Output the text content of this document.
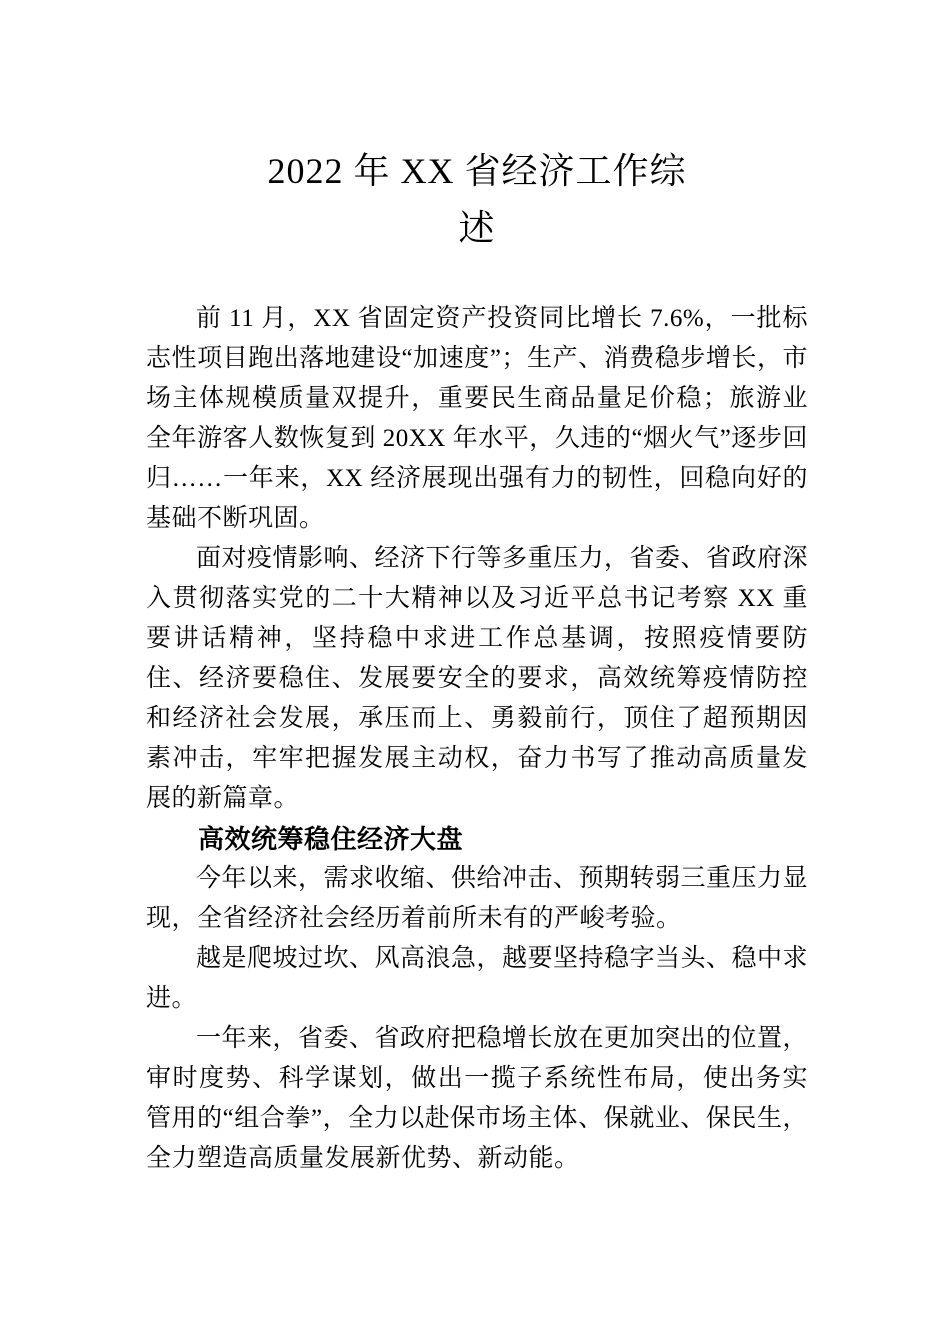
2022 年 XX 省经济工作综述

前 11 月，XX 省固定资产投资同比增长 7.6%，一批标志性项目跑出落地建设“加速度”；生产、消费稳步增长，市场主体规模质量双提升，重要民生商品量足价稳；旅游业全年游客人数恢复到 20XX 年水平，久违的“烟火气”逐步回归……一年来，XX 经济展现出强有力的韧性，回稳向好的基础不断巩固。

面对疫情影响、经济下行等多重压力，省委、省政府深入贯彻落实党的二十大精神以及习近平总书记考察 XX 重要讲话精神，坚持稳中求进工作总基调，按照疫情要防住、经济要稳住、发展要安全的要求，高效统筹疫情防控和经济社会发展，承压而上、勇毅前行，顶住了超预期因素冲击，牢牢把握发展主动权，奋力书写了推动高质量发展的新篇章。

高效统筹稳住经济大盘

今年以来，需求收缩、供给冲击、预期转弱三重压力显现，全省经济社会经历着前所未有的严峻考验。

越是爬坡过坎、风高浪急，越要坚持稳字当头、稳中求进。

一年来，省委、省政府把稳增长放在更加突出的位置，审时度势、科学谋划，做出一揽子系统性布局，使出务实管用的“组合拳”，全力以赴保市场主体、保就业、保民生，全力塑造高质量发展新优势、新动能。
